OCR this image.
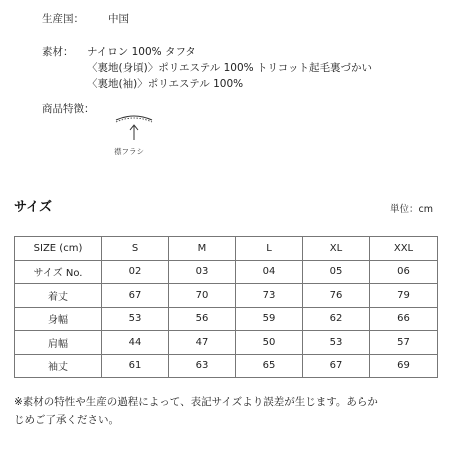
生産国： 中国
素材： ナイロン 100% タフタ
〈裏地(身頃)〉ポリエステル 100% トリコット起毛裏づかい
〈裏地(袖)〉ポリエステル 100%
商品特徴：
襟フラシ
サイズ	単位：cm
SIZE (cm)	S	M	L	XL	XXL
サイズ No.	02	03	04	05	06
着丈	67	70	73	76	79
身幅	53	56	59	62	66
肩幅	44	47	50	53	57
袖丈	61	63	65	67	69
※素材の特性や生産の過程によって、表記サイズより誤差が生じます。あらか
じめご了承ください。
